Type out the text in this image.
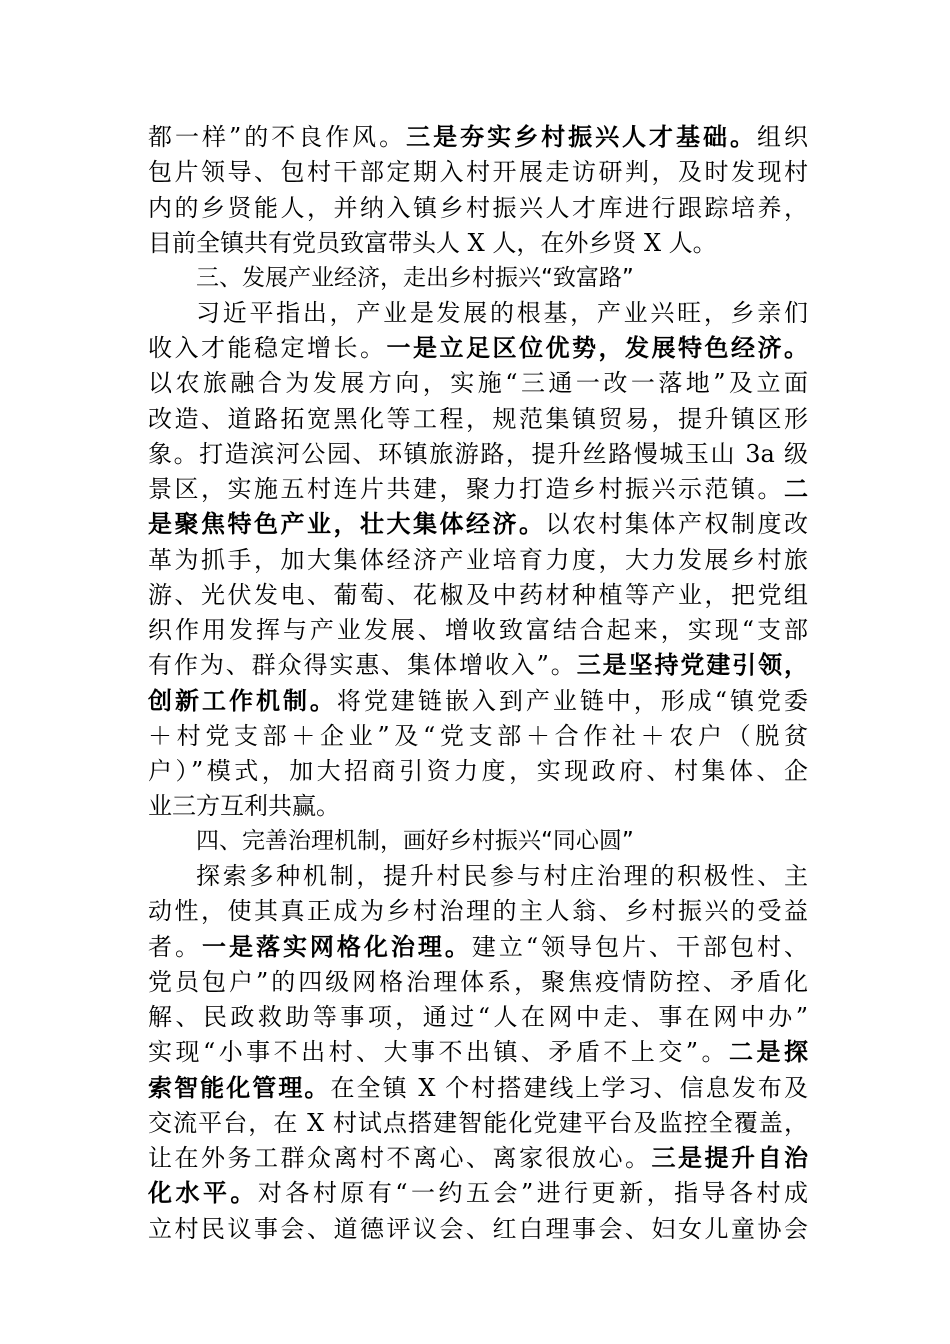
都一样”的不良作风。三是夯实乡村振兴人才基础。组织
包片领导、包村干部定期入村开展走访研判，及时发现村
内的乡贤能人，并纳入镇乡村振兴人才库进行跟踪培养，
目前全镇共有党员致富带头人 X 人，在外乡贤 X 人。
三、发展产业经济，走出乡村振兴“致富路”
习近平指出，产业是发展的根基，产业兴旺，乡亲们
收入才能稳定增长。一是立足区位优势，发展特色经济。
以农旅融合为发展方向，实施“三通一改一落地”及立面
改造、道路拓宽黑化等工程，规范集镇贸易，提升镇区形
象。打造滨河公园、环镇旅游路，提升丝路慢城玉山 3a 级
景区，实施五村连片共建，聚力打造乡村振兴示范镇。二
是聚焦特色产业，壮大集体经济。以农村集体产权制度改
革为抓手，加大集体经济产业培育力度，大力发展乡村旅
游、光伏发电、葡萄、花椒及中药材种植等产业，把党组
织作用发挥与产业发展、增收致富结合起来，实现“支部
有作为、群众得实惠、集体增收入”。三是坚持党建引领，
创新工作机制。将党建链嵌入到产业链中，形成“镇党委
＋村党支部＋企业”及“党支部＋合作社＋农户（脱贫
户）”模式，加大招商引资力度，实现政府、村集体、企
业三方互利共赢。
四、完善治理机制，画好乡村振兴“同心圆”
探索多种机制，提升村民参与村庄治理的积极性、主
动性，使其真正成为乡村治理的主人翁、乡村振兴的受益
者。一是落实网格化治理。建立“领导包片、干部包村、
党员包户”的四级网格治理体系，聚焦疫情防控、矛盾化
解、民政救助等事项，通过“人在网中走、事在网中办”
实现“小事不出村、大事不出镇、矛盾不上交”。二是探
索智能化管理。在全镇 X 个村搭建线上学习、信息发布及
交流平台，在 X 村试点搭建智能化党建平台及监控全覆盖，
让在外务工群众离村不离心、离家很放心。三是提升自治
化水平。对各村原有“一约五会”进行更新，指导各村成
立村民议事会、道德评议会、红白理事会、妇女儿童协会
